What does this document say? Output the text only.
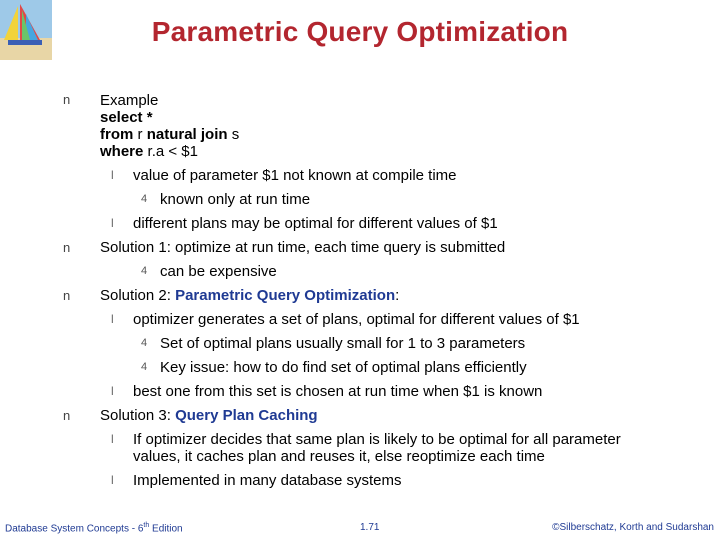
Parametric Query Optimization
n Example
select *
from r natural join s
where r.a < $1
l value of parameter $1 not known at compile time
4 known only at run time
l different plans may be optimal for different values of $1
n Solution 1: optimize at run time, each time query is submitted
4 can be expensive
n Solution 2: Parametric Query Optimization:
l optimizer generates a set of plans, optimal for different values of $1
4 Set of optimal plans usually small for 1 to 3 parameters
4 Key issue: how to do find set of optimal plans efficiently
l best one from this set is chosen at run time when $1 is known
n Solution 3: Query Plan Caching
l If optimizer decides that same plan is likely to be optimal for all parameter
values, it caches plan and reuses it, else reoptimize each time
l Implemented in many database systems
Database System Concepts - 6th Edition	1.71	©Silberschatz, Korth and Sudarshan
